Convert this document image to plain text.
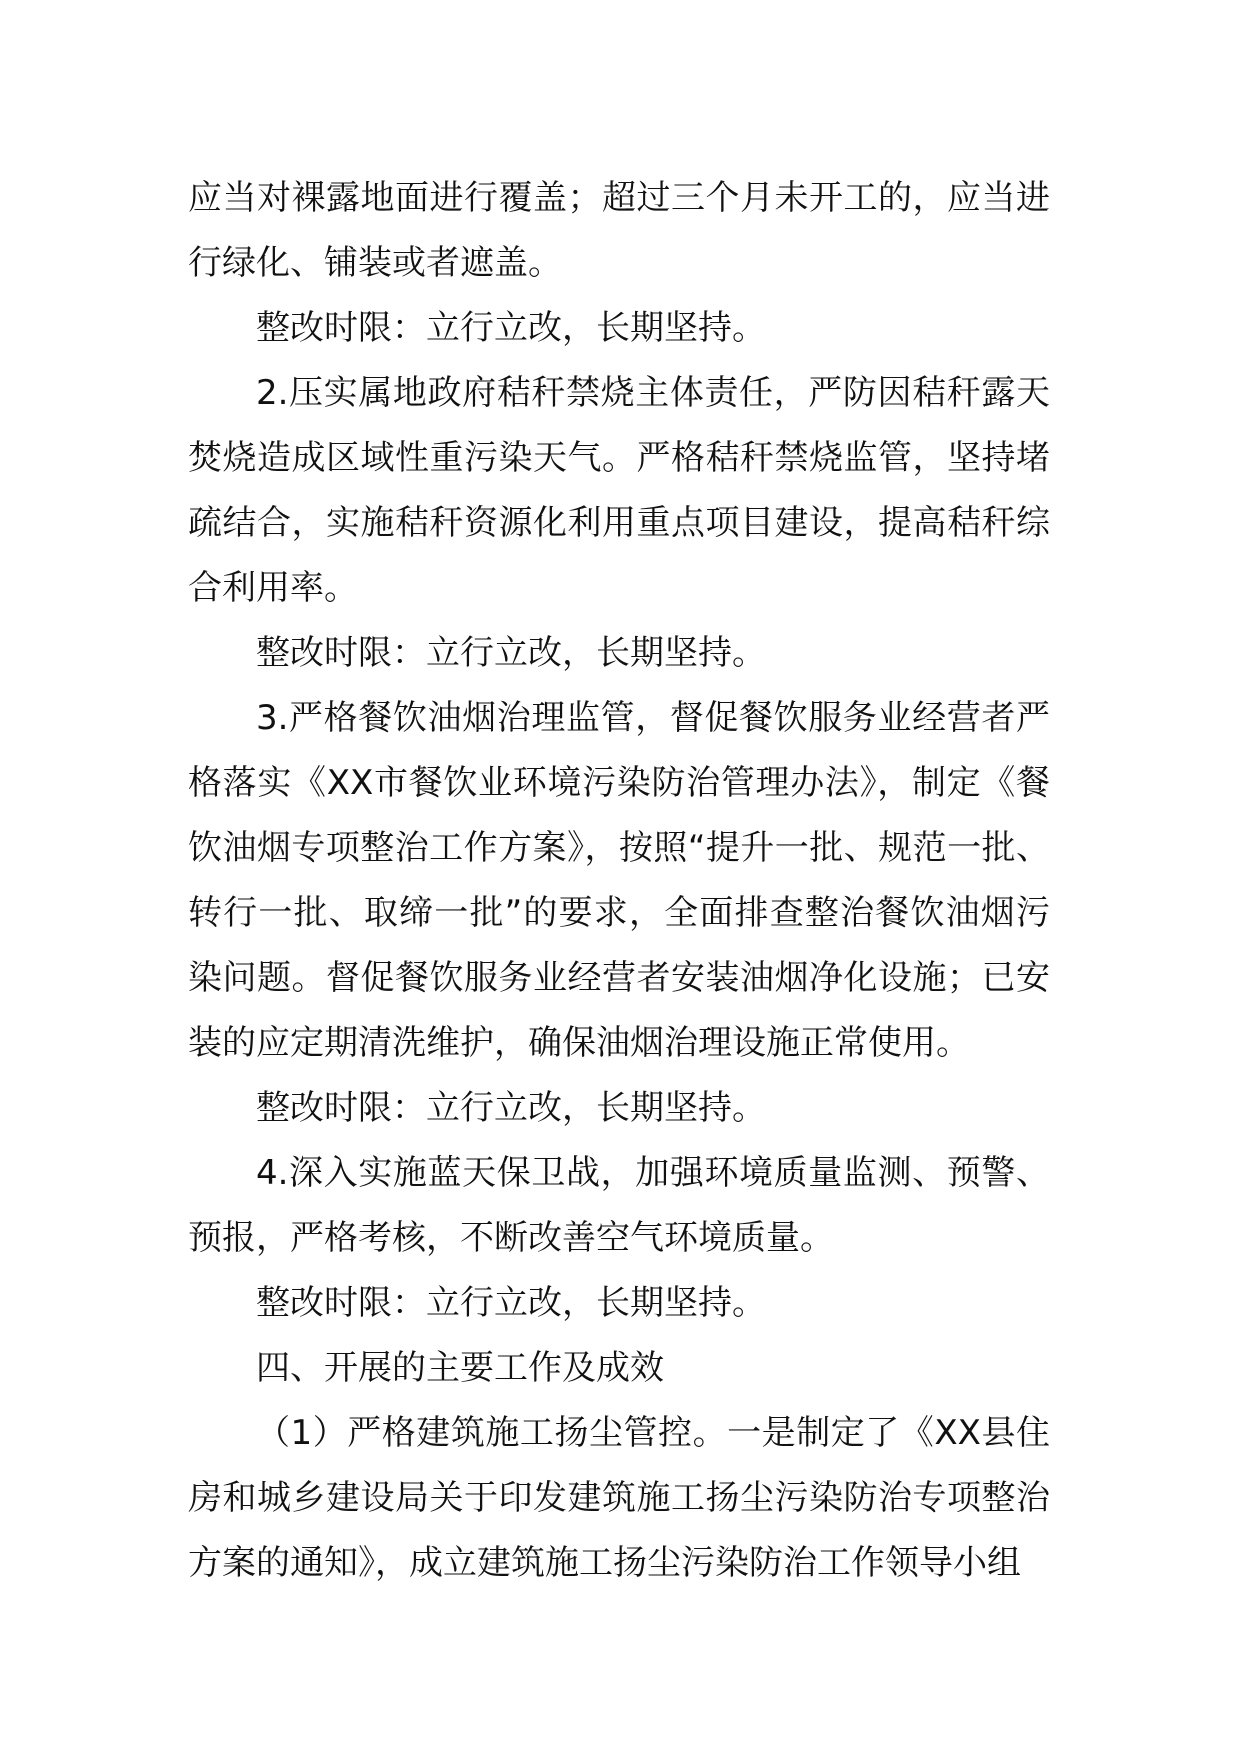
应当对裸露地面进行覆盖；超过三个月未开工的，应当进行绿化、铺装或者遮盖。

整改时限：立行立改，长期坚持。

2.压实属地政府秸秆禁烧主体责任，严防因秸秆露天焚烧造成区域性重污染天气。严格秸秆禁烧监管，坚持堵疏结合，实施秸秆资源化利用重点项目建设，提高秸秆综合利用率。

整改时限：立行立改，长期坚持。

3.严格餐饮油烟治理监管，督促餐饮服务业经营者严格落实《XX市餐饮业环境污染防治管理办法》，制定《餐饮油烟专项整治工作方案》，按照“提升一批、规范一批、转行一批、取缔一批”的要求，全面排查整治餐饮油烟污染问题。督促餐饮服务业经营者安装油烟净化设施；已安装的应定期清洗维护，确保油烟治理设施正常使用。

整改时限：立行立改，长期坚持。

4.深入实施蓝天保卫战，加强环境质量监测、预警、预报，严格考核，不断改善空气环境质量。

整改时限：立行立改，长期坚持。

四、开展的主要工作及成效

（1）严格建筑施工扬尘管控。一是制定了《XX县住房和城乡建设局关于印发建筑施工扬尘污染防治专项整治方案的通知》，成立建筑施工扬尘污染防治工作领导小组
